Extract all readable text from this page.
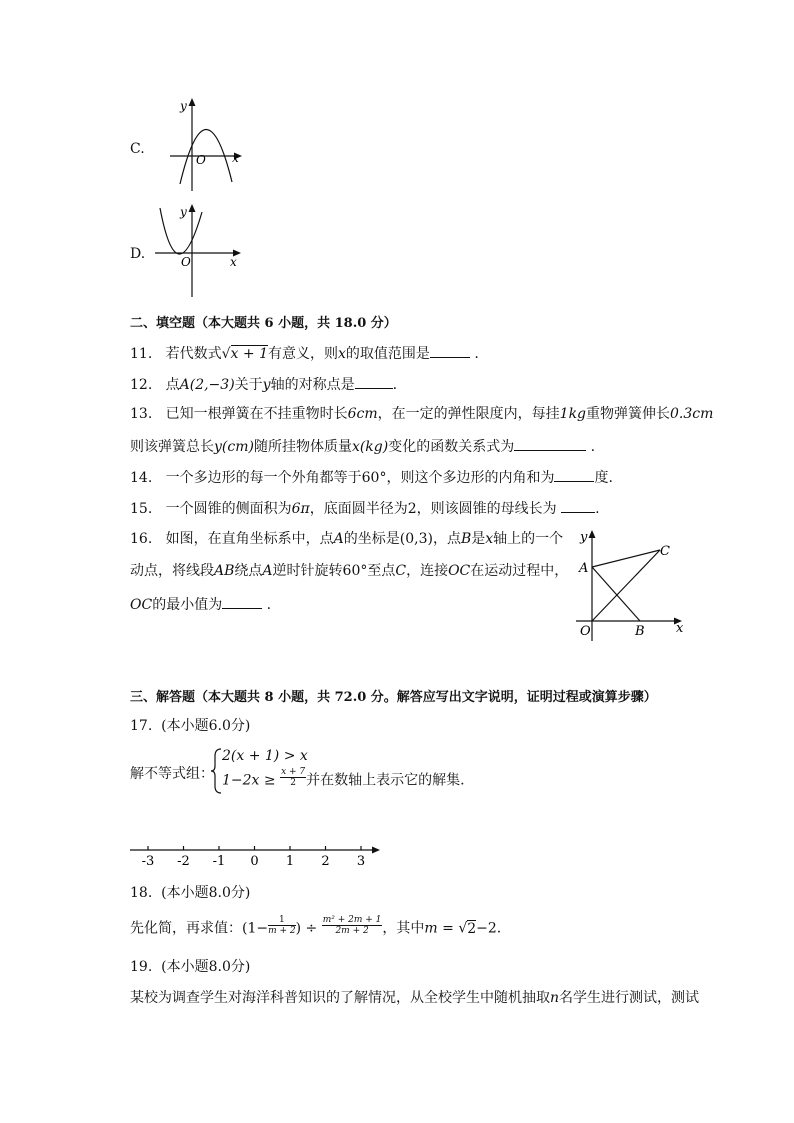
C.
y
O x
D.
y
O	x
二、填空题（本大题共 6 小题，共 18.0 分）
11. 若代数式√x + 1有意义，则x的取值范围是	.
12. 点A(2,−3)关于y轴的对称点是	.
13. 已知一根弹簧在不挂重物时长6cm，在一定的弹性限度内，每挂1kg重物弹簧伸长0.3cm
则该弹簧总长y(cm)随所挂物体质量x(kg)变化的函数关系式为	.
14. 一个多边形的每一个外角都等于60°，则这个多边形的内角和为	度.
15. 一个圆锥的侧面积为6π，底面圆半径为2，则该圆锥的母线长为	.
16. 如图，在直角坐标系中，点A的坐标是(0,3)，点B是x轴上的一个
动点，将线段AB绕点A逆时针旋转60°至点C，连接OC在运动过程中，
OC的最小值为	.
y
A
C
O	B x
三、解答题（本大题共 8 小题，共 72.0 分。解答应写出文字说明，证明过程或演算步骤）
17. (本小题6.0分)
解不等式组：
2(x + 1) > x
$1-2x \ge \frac{x + 7}{2}$ 并在数轴上表示它的解集.
-3 -2 -1 0 1 2 3
18. (本小题8.0分)
先化简，再求值：($1- \frac{1}{m + 2}$ ) ÷ $\frac{\text{m² + 2m + 1}}{2m + 2}$ ，其中m = √2−2.
19. (本小题8.0分)
某校为调查学生对海洋科普知识的了解情况，从全校学生中随机抽取n名学生进行测试，测试
